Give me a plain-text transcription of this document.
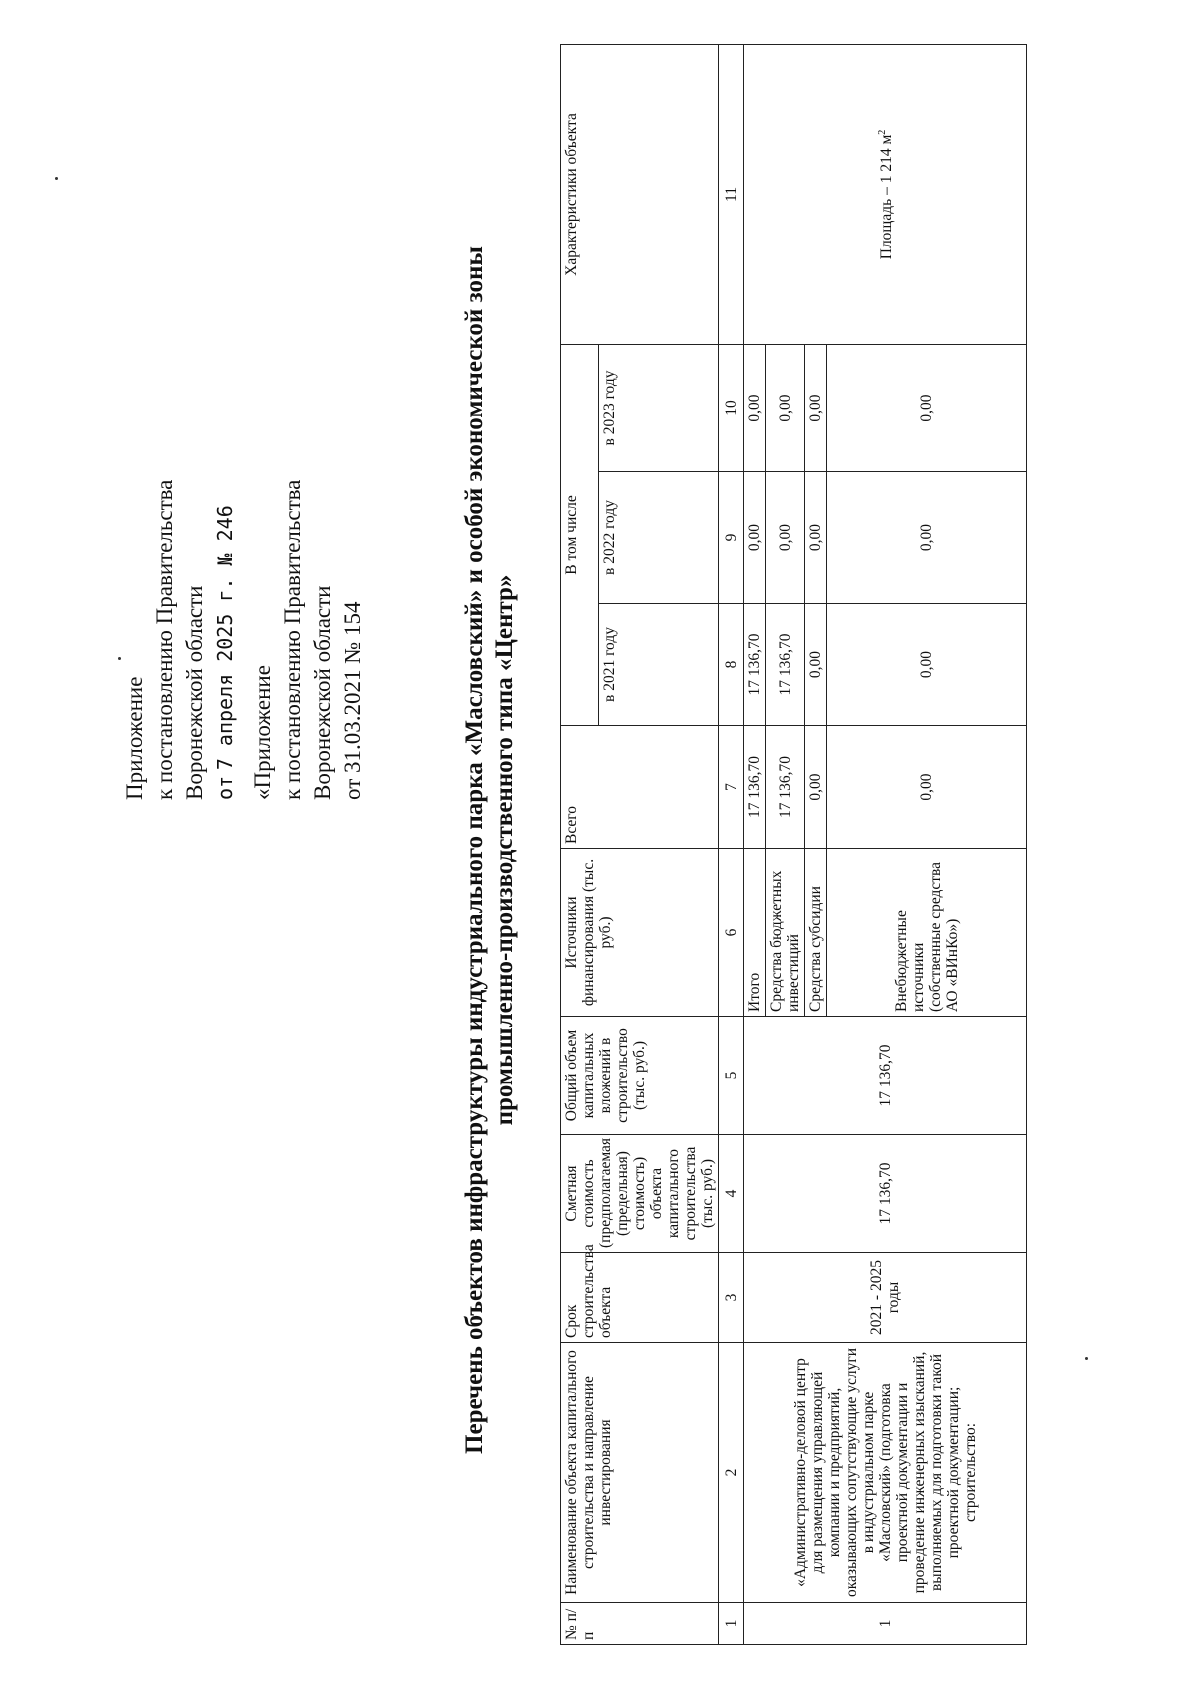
Приложение к постановлению Правительства Воронежской области от 7 апреля 2025 г. № 246 «Приложение к постановлению Правительства Воронежской области от 31.03.2021 № 154	Перечень объектов инфраструктуры индустриального парка «Масловский» и особой экономической зоны промышленно-производственного типа «Центр»
№ п/п	Наименование объекта капитального строительства и направление инвестирования	Срок строительства объекта	Сметная стоимость (предполагаемая (предельная) стоимость) объекта капитального строительства (тыс. руб.)	Общий объем капитальных вложений в строительство (тыс. руб.)	Источники финансирования (тыс. руб.)	Всего	В том числе			Характеристики объекта
							в 2021 году	в 2022 году	в 2023 году	
1	2	3	4	5	6	7	8	9	10	11
1	«Административно-деловой центр для размещения управляющей компании и предприятий, оказывающих сопутствующие услуги в индустриальном парке «Масловский» (подготовка проектной документации и проведение инженерных изысканий, выполняемых для подготовки такой проектной документации; строительство:	2021 - 2025 годы	17 136,70	17 136,70	Итого	17 136,70	17 136,70	0,00	0,00	Площадь – 1 214 $м^2$
					Средства бюджетных инвестиций	17 136,70	17 136,70	0,00	0,00	
					Средства субсидии	0,00	0,00	0,00	0,00	
					Внебюджетные источники (собственные средства АО «ВИнКо»)	0,00	0,00	0,00	0,00	
